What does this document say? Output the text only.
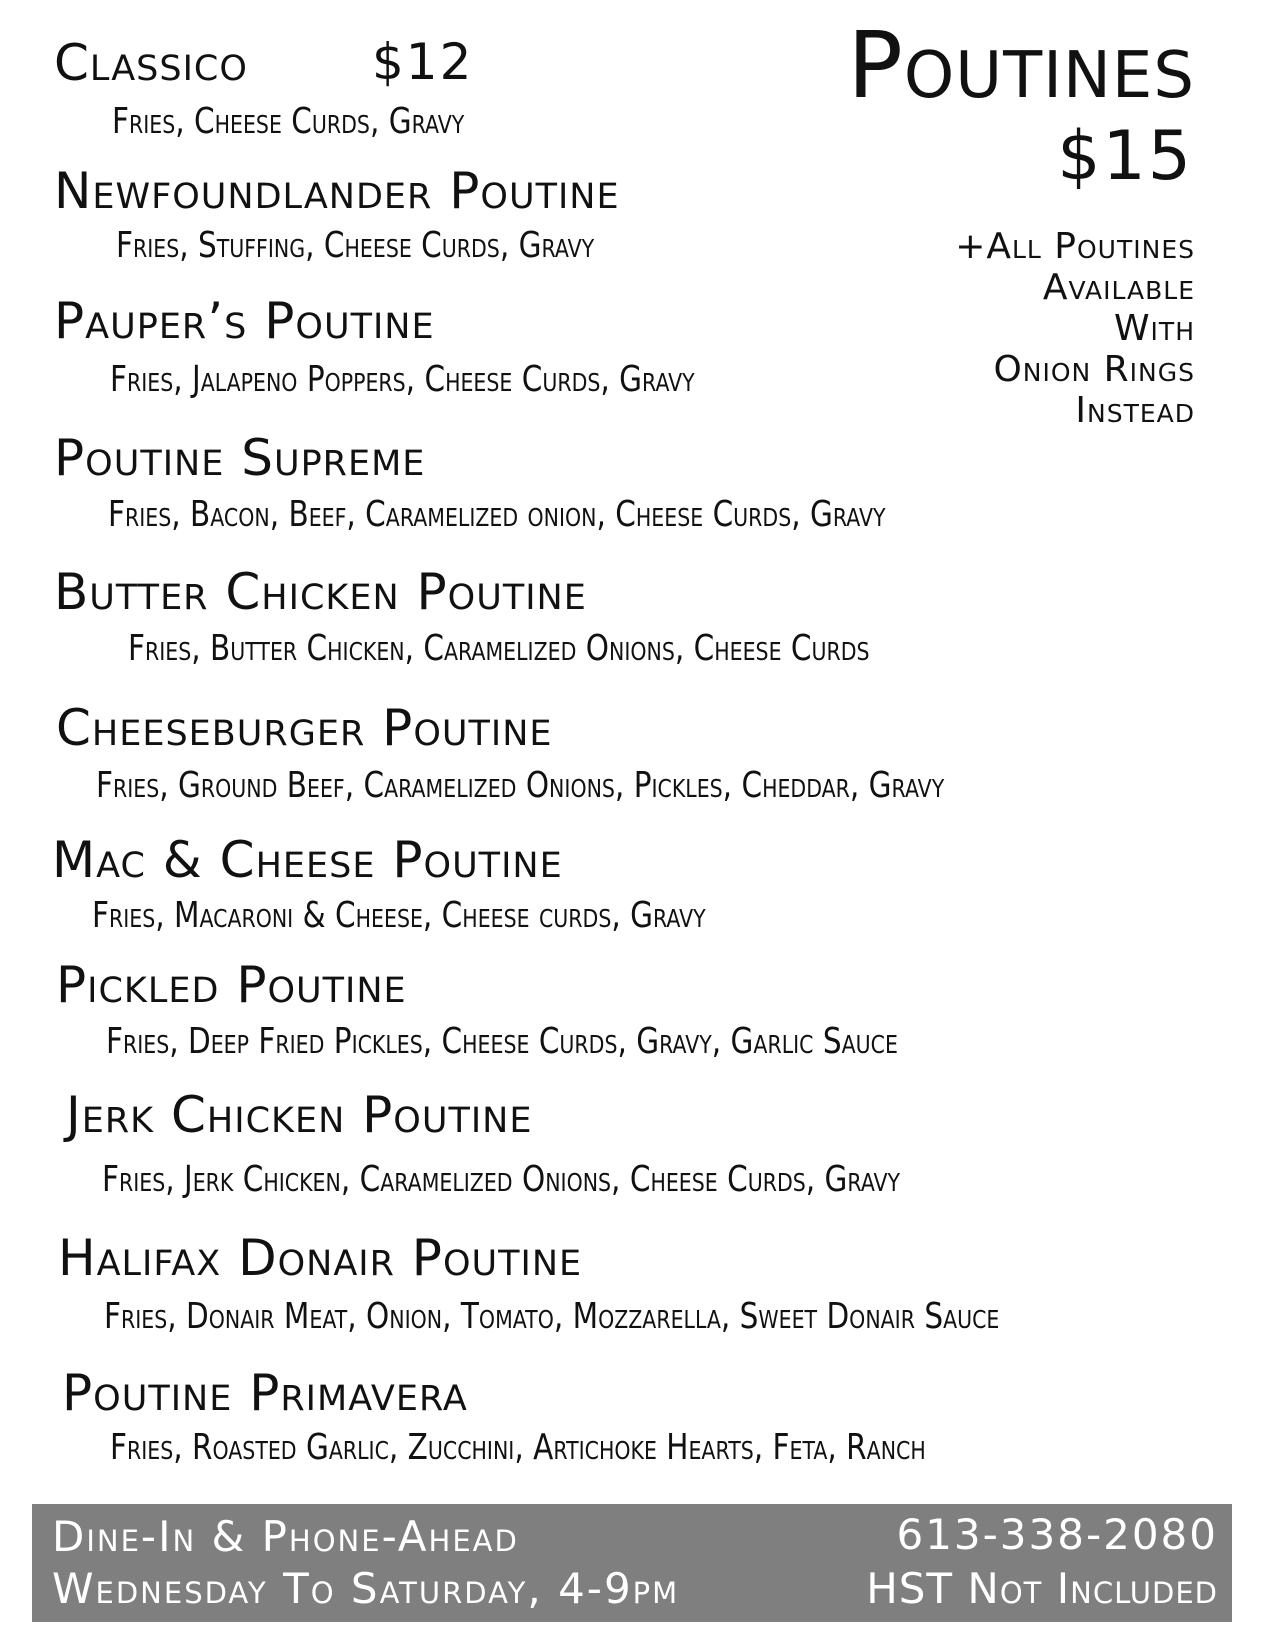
Poutines
$15
+All Poutines
Available
With
Onion Rings
Instead
Classico $12
Fries, Cheese Curds, Gravy
Newfoundlander Poutine
Fries, Stuffing, Cheese Curds, Gravy
Pauper’s Poutine
Fries, Jalapeno Poppers, Cheese Curds, Gravy
Poutine Supreme
Fries, Bacon, Beef, Caramelized onion, Cheese Curds, Gravy
Butter Chicken Poutine
Fries, Butter Chicken, Caramelized Onions, Cheese Curds
Cheeseburger Poutine
Fries, Ground Beef, Caramelized Onions, Pickles, Cheddar, Gravy
Mac & Cheese Poutine
Fries, Macaroni & Cheese, Cheese curds, Gravy
Pickled Poutine
Fries, Deep Fried Pickles, Cheese Curds, Gravy, Garlic Sauce
Jerk Chicken Poutine
Fries, Jerk Chicken, Caramelized Onions, Cheese Curds, Gravy
Halifax Donair Poutine
Fries, Donair Meat, Onion, Tomato, Mozzarella, Sweet Donair Sauce
Poutine Primavera
Fries, Roasted Garlic, Zucchini, Artichoke Hearts, Feta, Ranch
Dine-In & Phone-Ahead
Wednesday To Saturday, 4-9pm
613-338-2080
HST Not Included
